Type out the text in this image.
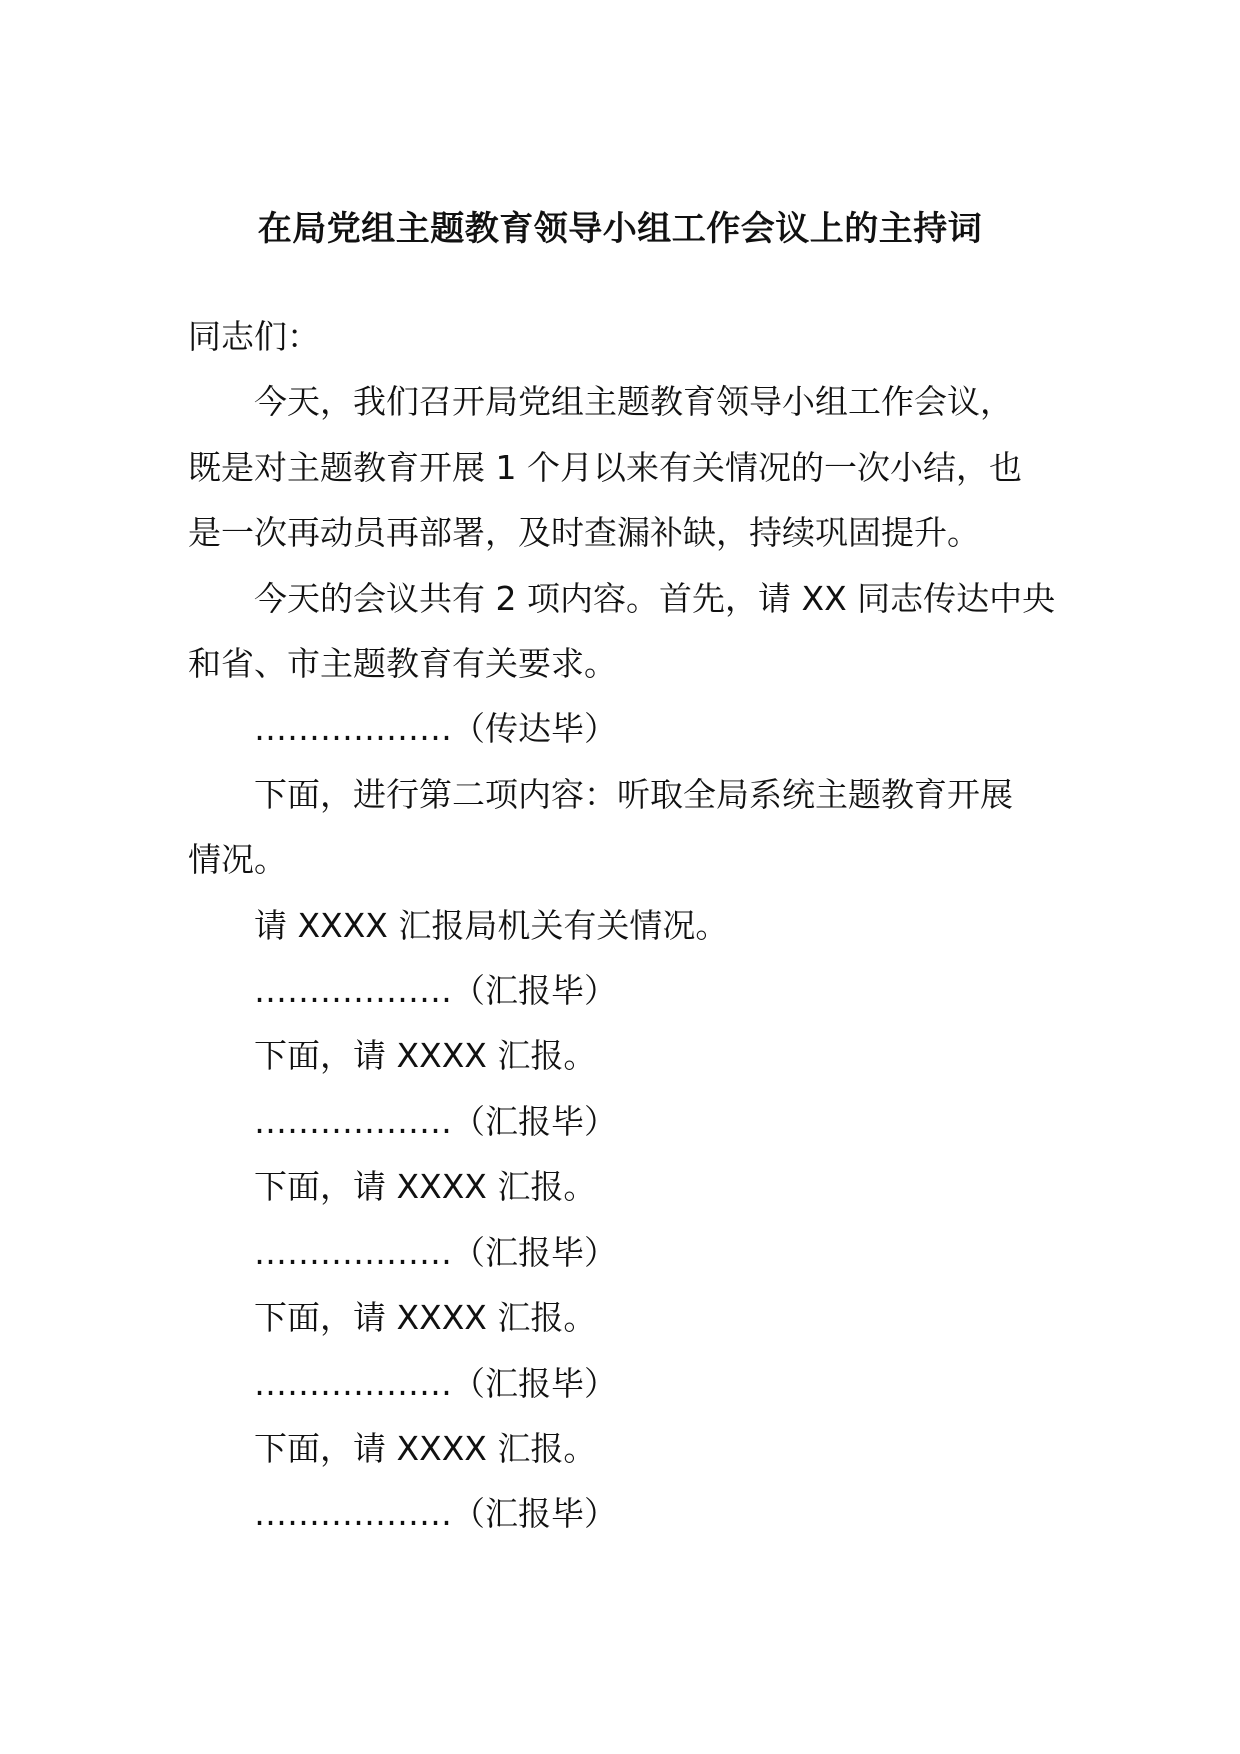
在局党组主题教育领导小组工作会议上的主持词

同志们：

今天，我们召开局党组主题教育领导小组工作会议，

既是对主题教育开展 1 个月以来有关情况的一次小结，也

是一次再动员再部署，及时查漏补缺，持续巩固提升。

今天的会议共有 2 项内容。首先，请 XX 同志传达中央

和省、市主题教育有关要求。

………………（传达毕）

下面，进行第二项内容：听取全局系统主题教育开展

情况。

请 XXXX 汇报局机关有关情况。

………………（汇报毕）

下面，请 XXXX 汇报。

………………（汇报毕）

下面，请 XXXX 汇报。

………………（汇报毕）

下面，请 XXXX 汇报。

………………（汇报毕）

下面，请 XXXX 汇报。

………………（汇报毕）
